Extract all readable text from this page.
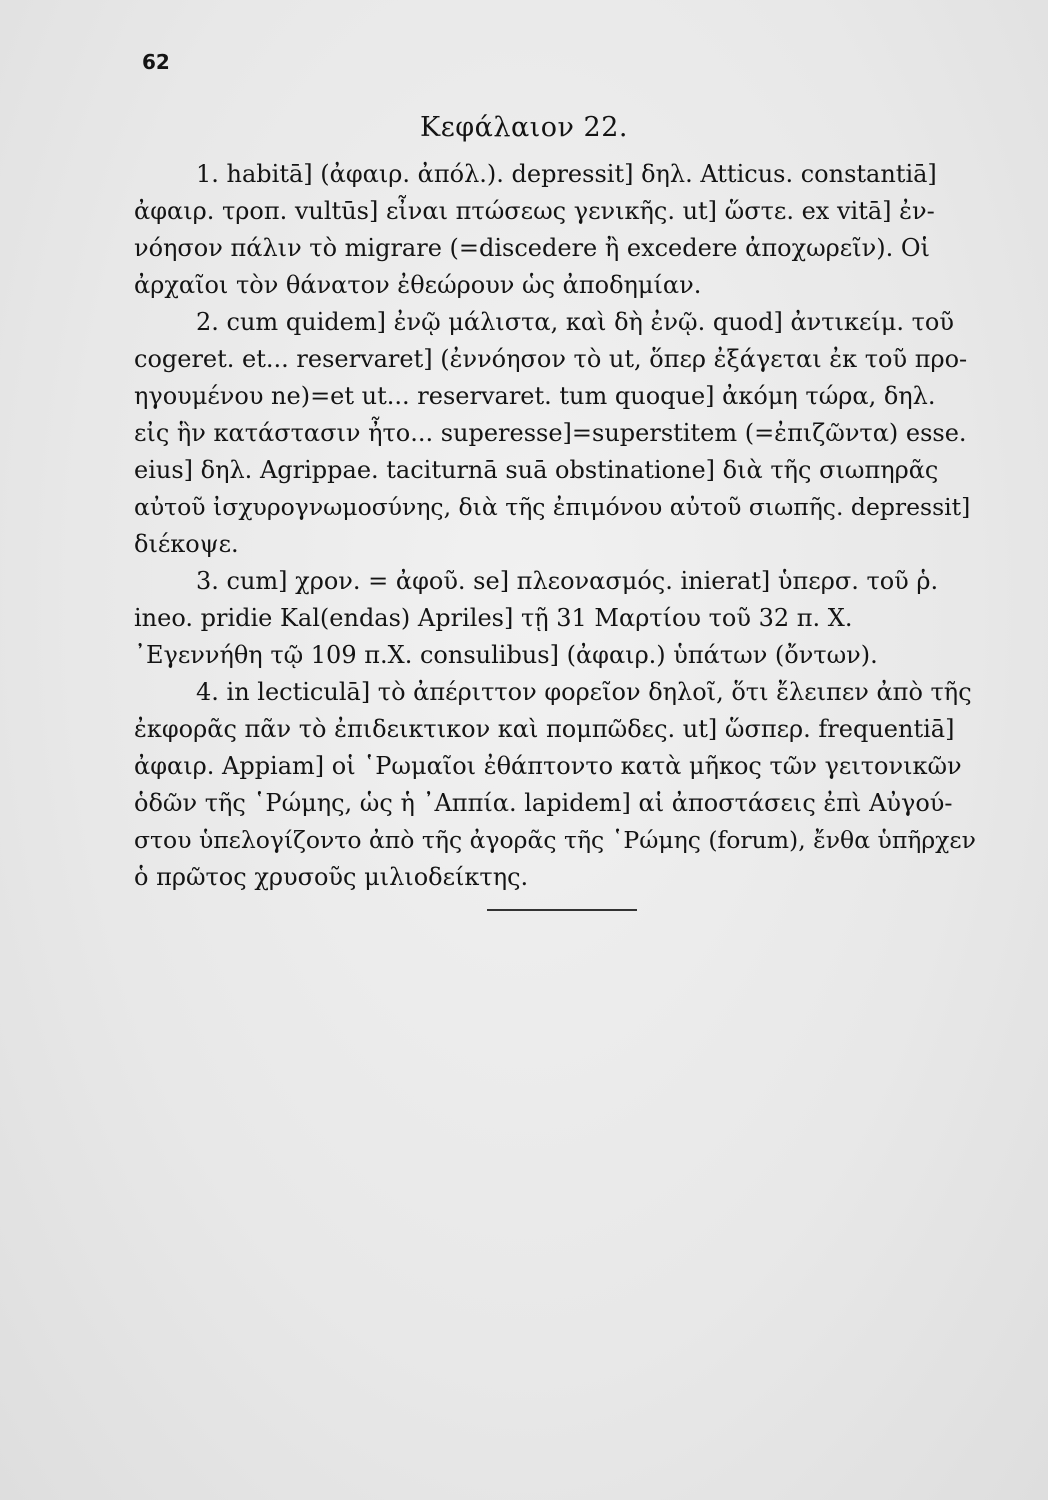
62
Κεφάλαιον 22.
1. habitā] (ἀφαιρ. ἀπόλ.). depressit] δηλ. Atticus. constantiā]
ἀφαιρ. τροπ. vultūs] εἶναι πτώσεως γενικῆς. ut] ὥστε. ex vitā] ἐν-
νόησον πάλιν τὸ migrare (=discedere ἢ excedere ἀποχωρεῖν). Οἱ
ἀρχαῖοι τὸν θάνατον ἐθεώρουν ὡς ἀποδημίαν.
2. cum quidem] ἐνῷ μάλιστα, καὶ δὴ ἐνῷ. quod] ἀντικείμ. τοῦ
cogeret. et... reservaret] (ἐννόησον τὸ ut, ὅπερ ἐξάγεται ἐκ τοῦ προ-
ηγουμένου ne)=et ut... reservaret. tum quoque] ἀκόμη τώρα, δηλ.
εἰς ἣν κατάστασιν ἦτο... superesse]=superstitem (=ἐπιζῶντα) esse.
eius] δηλ. Agrippae. taciturnā suā obstinatione] διὰ τῆς σιωπηρᾶς
αὐτοῦ ἰσχυρογνωμοσύνης, διὰ τῆς ἐπιμόνου αὐτοῦ σιωπῆς. depressit]
διέκοψε.
3. cum] χρον. = ἀφοῦ. se] πλεονασμός. inierat] ὑπερσ. τοῦ ῥ.
ineo. pridie Kal(endas) Apriles] τῇ 31 Μαρτίου τοῦ 32 π. Χ.
᾿Εγεννήθη τῷ 109 π.Χ. consulibus] (ἀφαιρ.) ὑπάτων (ὄντων).
4. in lecticulā] τὸ ἀπέριττον φορεῖον δηλοῖ, ὅτι ἔλειπεν ἀπὸ τῆς
ἐκφορᾶς πᾶν τὸ ἐπιδεικτικον καὶ πομπῶδες. ut] ὥσπερ. frequentiā]
ἀφαιρ. Appiam] οἱ ῾Ρωμαῖοι ἐθάπτοντο κατὰ μῆκος τῶν γειτονικῶν
ὁδῶν τῆς ῾Ρώμης, ὡς ἡ ᾿Αππία. lapidem] αἱ ἀποστάσεις ἐπὶ Αὐγού-
στου ὑπελογίζοντο ἀπὸ τῆς ἀγορᾶς τῆς ῾Ρώμης (forum), ἔνθα ὑπῆρχεν
ὁ πρῶτος χρυσοῦς μιλιοδείκτης.
